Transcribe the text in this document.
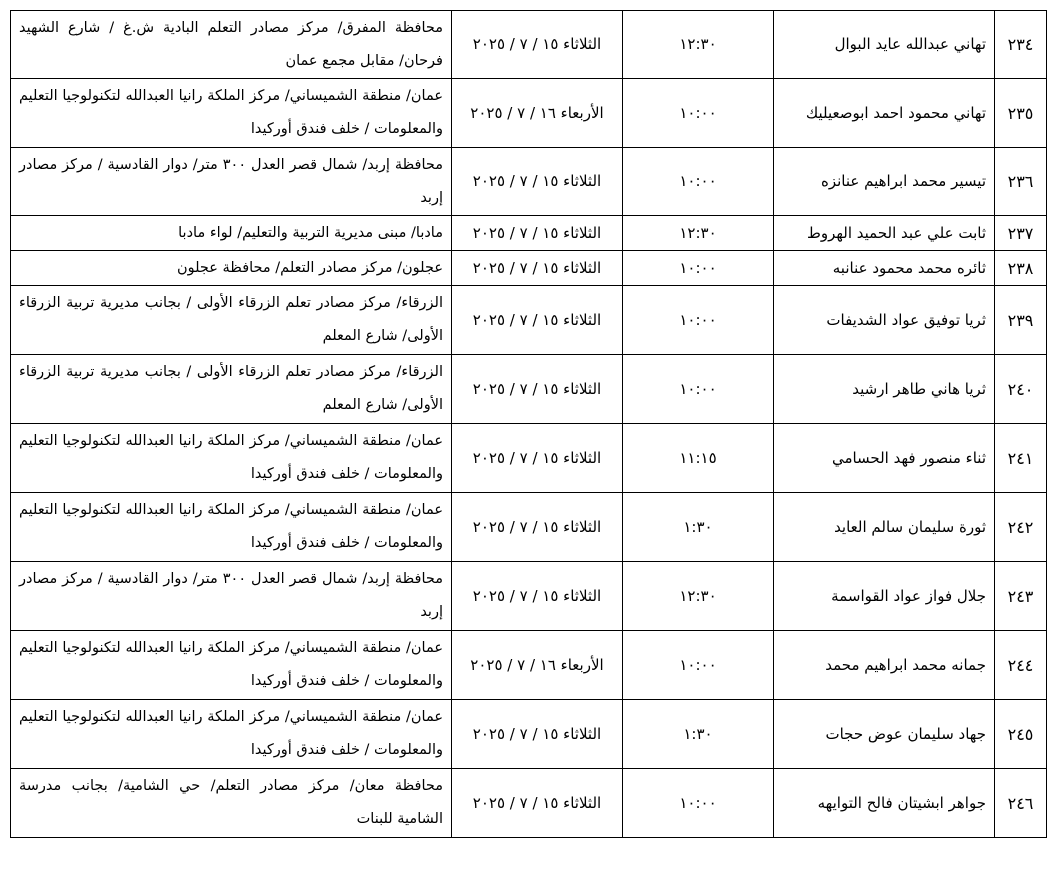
٢٣٤	تهاني عبدالله عايد البوال	١٢:٣٠	الثلاثاء ١٥ / ٧ / ٢٠٢٥	محافظة المفرق/ مركز مصادر التعلم البادية ش.غ / شارع الشهيد فرحان/ مقابل مجمع عمان
٢٣٥	تهاني محمود احمد ابوصعيليك	١٠:٠٠	الأربعاء ١٦ / ٧ / ٢٠٢٥	عمان/ منطقة الشميساني/ مركز الملكة رانيا العبدالله لتكنولوجيا التعليم والمعلومات / خلف فندق أوركيدا
٢٣٦	تيسير محمد ابراهيم عنانزه	١٠:٠٠	الثلاثاء ١٥ / ٧ / ٢٠٢٥	محافظة إربد/ شمال قصر العدل ٣٠٠ متر/ دوار القادسية / مركز مصادر إربد
٢٣٧	ثابت علي عبد الحميد الهروط	١٢:٣٠	الثلاثاء ١٥ / ٧ / ٢٠٢٥	مادبا/ مبنى مديرية التربية والتعليم/ لواء مادبا
٢٣٨	ثائره محمد محمود عنانبه	١٠:٠٠	الثلاثاء ١٥ / ٧ / ٢٠٢٥	عجلون/ مركز مصادر التعلم/ محافظة عجلون
٢٣٩	ثريا توفيق عواد الشديفات	١٠:٠٠	الثلاثاء ١٥ / ٧ / ٢٠٢٥	الزرقاء/ مركز مصادر تعلم الزرقاء الأولى / بجانب مديرية تربية الزرقاء الأولى/ شارع المعلم
٢٤٠	ثريا هاني طاهر ارشيد	١٠:٠٠	الثلاثاء ١٥ / ٧ / ٢٠٢٥	الزرقاء/ مركز مصادر تعلم الزرقاء الأولى / بجانب مديرية تربية الزرقاء الأولى/ شارع المعلم
٢٤١	ثناء منصور فهد الحسامي	١١:١٥	الثلاثاء ١٥ / ٧ / ٢٠٢٥	عمان/ منطقة الشميساني/ مركز الملكة رانيا العبدالله لتكنولوجيا التعليم والمعلومات / خلف فندق أوركيدا
٢٤٢	ثورة سليمان سالم العايد	١:٣٠	الثلاثاء ١٥ / ٧ / ٢٠٢٥	عمان/ منطقة الشميساني/ مركز الملكة رانيا العبدالله لتكنولوجيا التعليم والمعلومات / خلف فندق أوركيدا
٢٤٣	جلال فواز عواد القواسمة	١٢:٣٠	الثلاثاء ١٥ / ٧ / ٢٠٢٥	محافظة إربد/ شمال قصر العدل ٣٠٠ متر/ دوار القادسية / مركز مصادر إربد
٢٤٤	جمانه محمد ابراهيم محمد	١٠:٠٠	الأربعاء ١٦ / ٧ / ٢٠٢٥	عمان/ منطقة الشميساني/ مركز الملكة رانيا العبدالله لتكنولوجيا التعليم والمعلومات / خلف فندق أوركيدا
٢٤٥	جهاد سليمان عوض حجات	١:٣٠	الثلاثاء ١٥ / ٧ / ٢٠٢٥	عمان/ منطقة الشميساني/ مركز الملكة رانيا العبدالله لتكنولوجيا التعليم والمعلومات / خلف فندق أوركيدا
٢٤٦	جواهر ابشيتان فالح التوايهه	١٠:٠٠	الثلاثاء ١٥ / ٧ / ٢٠٢٥	محافظة معان/ مركز مصادر التعلم/ حي الشامية/ بجانب مدرسة الشامية للبنات
